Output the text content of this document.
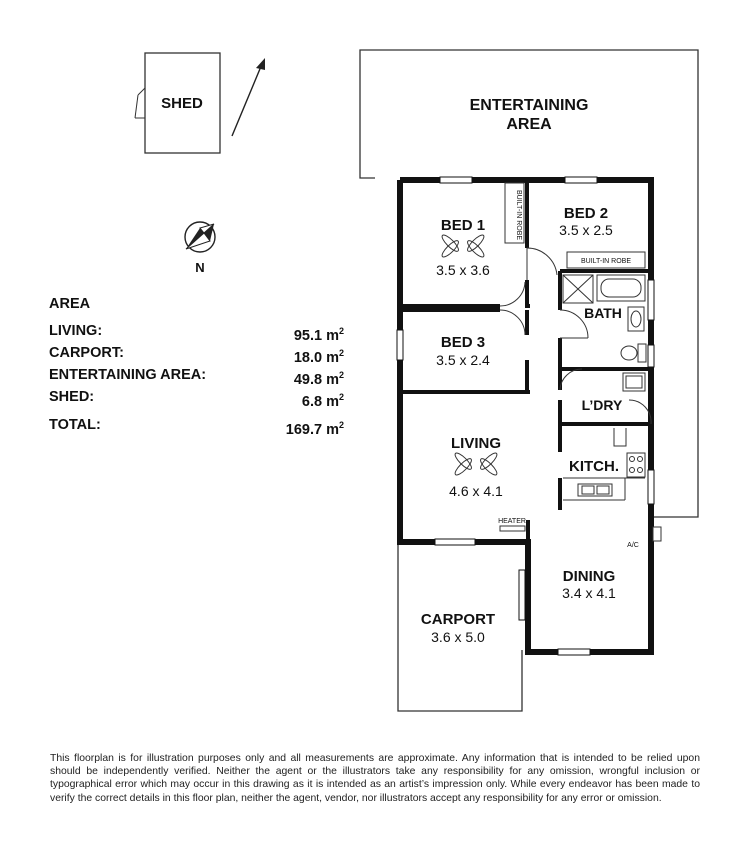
ENTERTAINING
AREA
SHED
N
CARPORT
3.6 x 5.0
BUILT-IN ROBE
BUILT-IN ROBE
HEATER
A/C
BED 1
3.5 x 3.6
BED 2
3.5 x 2.5
BED 3
3.5 x 2.4
BATH
L’DRY
KITCH.
LIVING
4.6 x 4.1
DINING
3.4 x 4.1
AREA
LIVING:	95.1 $m^2$
CARPORT:	18.0 $m^2$
ENTERTAINING AREA:	49.8 $m^2$
SHED:	6.8 $m^2$
TOTAL:	169.7 $m^2$
This floorplan is for illustration purposes only and all measurements are approximate. Any information that is intended to be relied upon should be independently verified. Neither the agent or the illustrators take any responsibility for any omission, wrongful inclusion or typographical error which may occur in this drawing as it is intended as an artist’s impression only. While every endeavor has been made to verify the correct details in this floor plan, neither the agent, vendor, nor illustrators accept any responsibility for any error or omission.
